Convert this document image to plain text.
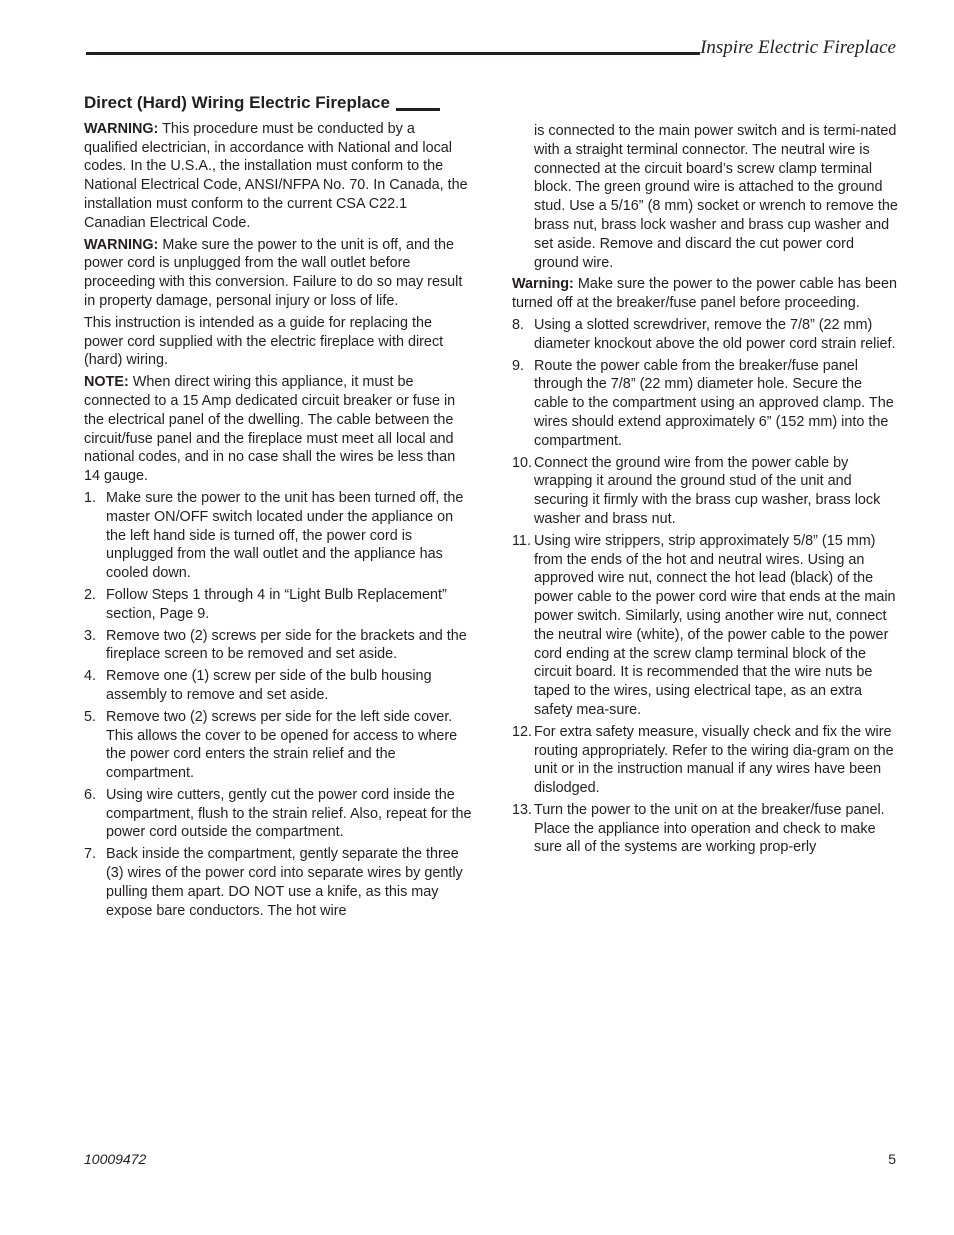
Inspire Electric Fireplace
Direct (Hard) Wiring Electric Fireplace

WARNING: This procedure must be conducted by a qualified electrician, in accordance with National and local codes. In the U.S.A., the installation must conform to the National Electrical Code, ANSI/NFPA No. 70. In Canada, the installation must conform to the current CSA C22.1 Canadian Electrical Code.

WARNING: Make sure the power to the unit is off, and the power cord is unplugged from the wall outlet before proceeding with this conversion. Failure to do so may result in property damage, personal injury or loss of life.

This instruction is intended as a guide for replacing the power cord supplied with the electric fireplace with direct (hard) wiring.

NOTE: When direct wiring this appliance, it must be connected to a 15 Amp dedicated circuit breaker or fuse in the electrical panel of the dwelling. The cable between the circuit/fuse panel and the fireplace must meet all local and national codes, and in no case shall the wires be less than 14 gauge.

1. Make sure the power to the unit has been turned off, the master ON/OFF switch located under the appliance on the left hand side is turned off, the power cord is unplugged from the wall outlet and the appliance has cooled down.
2. Follow Steps 1 through 4 in “Light Bulb Replacement” section, Page 9.
3. Remove two (2) screws per side for the brackets and the fireplace screen to be removed and set aside.
4. Remove one (1) screw per side of the bulb housing assembly to remove and set aside.
5. Remove two (2) screws per side for the left side cover. This allows the cover to be opened for access to where the power cord enters the strain relief and the compartment.
6. Using wire cutters, gently cut the power cord inside the compartment, flush to the strain relief. Also, repeat for the power cord outside the compartment.
7. Back inside the compartment, gently separate the three (3) wires of the power cord into separate wires by gently pulling them apart. DO NOT use a knife, as this may expose bare conductors. The hot wire
is connected to the main power switch and is termi-nated with a straight terminal connector. The neutral wire is connected at the circuit board’s screw clamp terminal block. The green ground wire is attached to the ground stud. Use a 5/16” (8 mm) socket or wrench to remove the brass nut, brass lock washer and brass cup washer and set aside. Remove and discard the cut power cord ground wire.

Warning: Make sure the power to the power cable has been turned off at the breaker/fuse panel before proceeding.

8. Using a slotted screwdriver, remove the 7/8” (22 mm) diameter knockout above the old power cord strain relief.
9. Route the power cable from the breaker/fuse panel through the 7/8” (22 mm) diameter hole. Secure the cable to the compartment using an approved clamp. The wires should extend approximately 6” (152 mm) into the compartment.
10. Connect the ground wire from the power cable by wrapping it around the ground stud of the unit and securing it firmly with the brass cup washer, brass lock washer and brass nut.
11. Using wire strippers, strip approximately 5/8” (15 mm) from the ends of the hot and neutral wires. Using an approved wire nut, connect the hot lead (black) of the power cable to the power cord wire that ends at the main power switch. Similarly, using another wire nut, connect the neutral wire (white), of the power cable to the power cord ending at the screw clamp terminal block of the circuit board. It is recommended that the wire nuts be taped to the wires, using electrical tape, as an extra safety mea-sure.
12. For extra safety measure, visually check and fix the wire routing appropriately. Refer to the wiring dia-gram on the unit or in the instruction manual if any wires have been dislodged.
13. Turn the power to the unit on at the breaker/fuse panel. Place the appliance into operation and check to make sure all of the systems are working prop-erly
10009472	5
